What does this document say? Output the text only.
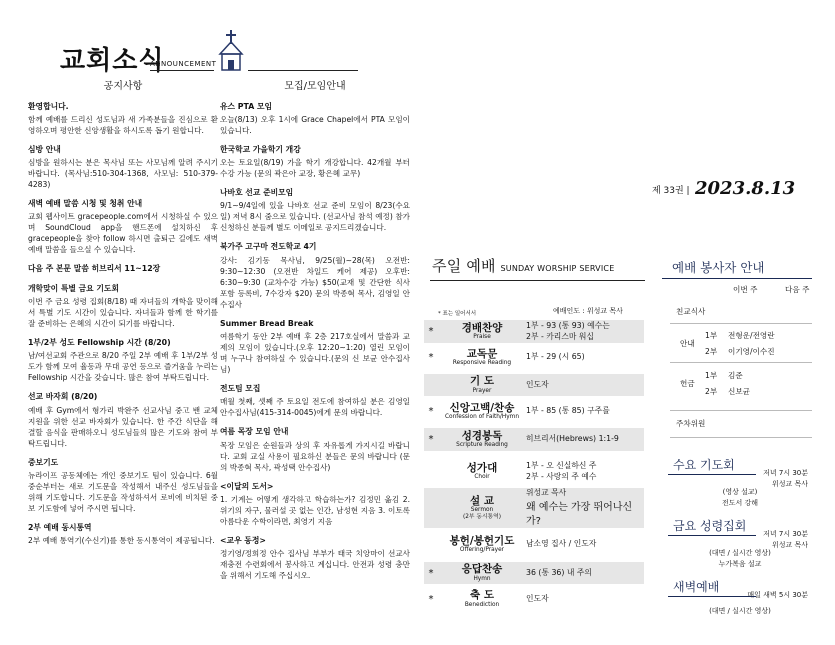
교회소식
ANNOUNCEMENT
공지사항
환영합니다.

함께 예배를 드리신 성도님과 새 가족분들을 진심으로 환영하오며 평안한 신앙생활을 하시도록 돕기 원합니다.

심방 안내

심방을 원하시는 분은 목사님 또는 사모님께 알려 주시기 바랍니다. (목사님:510-304-1368, 사모님: 510-379-4283)

새벽 예배 말씀 시청 및 청취 안내

교회 웹사이트 gracepeople.com에서 시청하실 수 있으며 SoundCloud app을 핸드폰에 설치하신 후 gracepeople을 찾아 follow 하시면 출퇴근 길에도 새벽예배 말씀을 들으실 수 있습니다.

다음 주 본문 말씀 히브리서 11~12장
개학맞이 특별 금요 기도회

이번 주 금요 성령 집회(8/18) 때 자녀들의 개학을 맞이해서 특별 기도 시간이 있습니다. 자녀들과 함께 한 학기를 잘 준비하는 은혜의 시간이 되기를 바랍니다.

1부/2부 성도 Fellowship 시간 (8/20)

남/여선교회 주관으로 8/20 주일 2부 예배 후 1부/2부 성도가 함께 모여 율동과 무대 공연 등으로 즐거움을 누리는 Fellowship 시간을 갖습니다. 많은 참여 부탁드립니다.

선교 바자회 (8/20)

예배 후 Gym에서 형가리 박완주 선교사님 중고 밴 교체 지원을 위한 선교 바자회가 있습니다. 한 주간 식단을 해결할 음식을 판매하오니 성도님들의 많은 기도와 참여 부탁드립니다.

중보기도

뉴라이프 공동체에는 개인 중보기도 팀이 있습니다. 6월 중순부터는 새로 기도문을 작성해서 내주신 성도님들을 위해 기도합니다. 기도문을 작성하셔서 로비에 비치된 중보 기도함에 넣어 주시면 됩니다.

2부 예배 동시통역

2부 예배 통역기(수신기)를 통한 동시통역이 제공됩니다.

모집/모임안내
유스 PTA 모임

오늘(8/13) 오후 1시에 Grace Chapel에서 PTA 모임이 있습니다.

한국학교 가을학기 개강

오는 토요일(8/19) 가을 학기 개강합니다. 42개월 부터 수강 가능 (문의 곽은아 교장, 황은혜 교무)

나바호 선교 준비모임

9/1~9/4일에 있을 나바호 선교 준비 모임이 8/23(수요일) 저녁 8시 줌으로 있습니다. (선교사님 참석 예정) 참가 신청하신 분들께 별도 이메일로 공지드리겠습니다.

북가주 고구마 전도학교 4기

강사: 김기동 목사님, 9/25(월)~28(목) 오전반: 9:30~12:30 (오전반 차일드 케어 제공) 오후반: 6:30~9:30 (교차수강 가능) $50(교재 및 간단한 식사 포함 등록비, 7수강자 $20) 문의 박종혁 목사, 김영일 안수집사

Summer Bread Break

여름학기 동안 2부 예배 후 2층 217호실에서 말씀과 교제의 모임이 있습니다.(오후 12:20~1:20) 열린 모임이며 누구나 참여하실 수 있습니다.(문의 신 보균 안수집사님)

전도팀 모집

매월 첫째, 셋째 주 토요일 전도에 참여하실 분은 김영일 안수집사님(415-314-0045)에게 문의 바랍니다.

여름 목장 모임 안내

목장 모임은 순원들과 상의 후 자유롭게 가지시길 바랍니다. 교회 교실 사용이 필요하신 분들은 문의 바랍니다 (문의 박종혁 목사, 곽성택 안수집사)

<이달의 도서>

1. 기계는 어떻게 생각하고 학습하는가? 김정민 옮김 2. 위기의 자구, 물러설 곳 없는 인간, 남성현 지음 3. 이토록 아름다운 수학이라면, 최영기 지음

<교우 동정>

정기영/정희정 안수 집사님 부부가 태국 치앙마이 선교사 재충전 수련회에서 봉사하고 계십니다. 안전과 성령 충만을 위해서 기도해 주십시오.

제 33권 | 2023.8.13
주일 예배 SUNDAY WORSHIP SERVICE
* 표는 일어서서	예배인도 : 위성교 목사
*	경배찬양
Praise
1부 - 93 (통 93) 예수는
2부 - 카리스마 워십
*	교독문
Responsive Reading
1부 - 29 (시 65)
기 도
Prayer
인도자
*	신앙고백/찬송
Confession of Faith/Hymn
1부 - 85 (통 85) 구주를
*	성경봉독
Scripture Reading
히브리서(Hebrews) 1:1-9
성가대
Choir
1부 - 오 신실하신 주
2부 - 사랑의 주 예수
설 교
Sermon
(2부 동시통역)
위성교 목사
왜 예수는 가장 뛰어나신가?
봉헌/봉헌기도
Offering/Prayer
남소영 집사 / 인도자
*	응답찬송
Hymn
36 (통 36) 내 주의
*	축 도
Benediction
인도자
예배 봉사자 안내
이번 주	다음 주
친교식사
안내
1부 전형운/전영란
2부 이기영/이수진
헌금
1부 김준
2부 신보균
주차위원
수요 기도회
저녁 7시 30분
위성교 목사
(영상 설교)
전도서 강해
금요 성령집회
저녁 7시 30분
위성교 목사
(대면 / 실시간 영상)
누가복음 설교
새벽예배
매일 새벽 5시 30분
(대면 / 실시간 영상)
